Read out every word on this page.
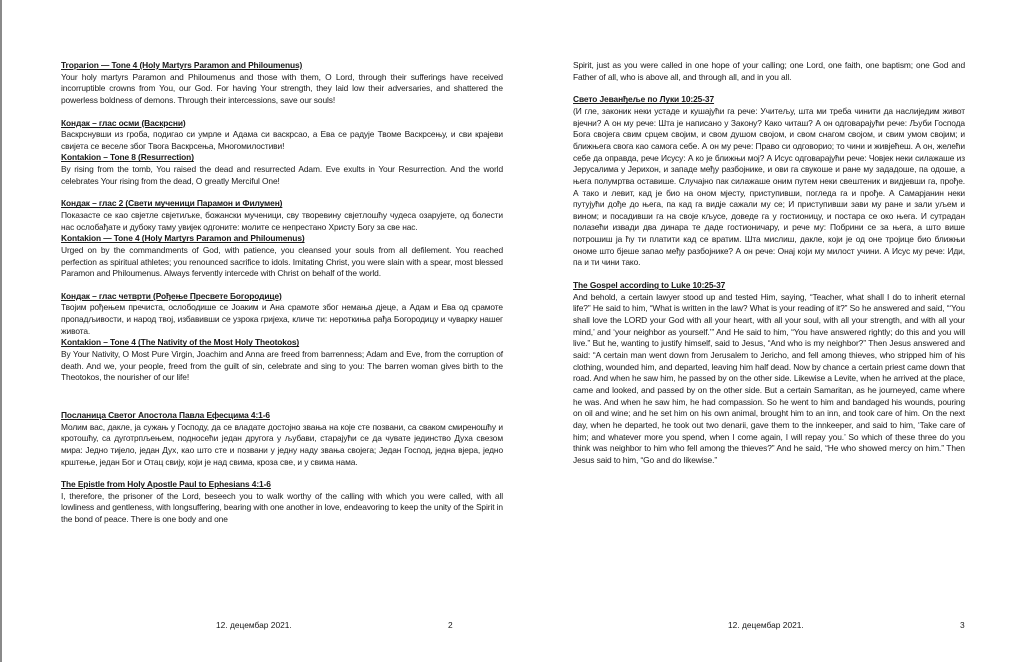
Troparion — Tone 4 (Holy Martyrs Paramon and Philoumenus)
Your holy martyrs Paramon and Philoumenus and those with them, O Lord, through their sufferings have received incorruptible crowns from You, our God. For having Your strength, they laid low their adversaries, and shattered the powerless boldness of demons. Through their intercessions, save our souls!
Кондак – глас осми (Васкрсни)
Васкрснувши из гроба, подигао си умрле и Адама си васкрсао, а Ева се радује Твоме Васкрсењу, и сви крајеви свијета се веселе због Твога Васкрсења, Многомилостиви!
Kontakion – Tone 8 (Resurrection)
By rising from the tomb, You raised the dead and resurrected Adam. Eve exults in Your Resurrection. And the world celebrates Your rising from the dead, O greatly Merciful One!
Кондак – глас 2 (Свети мученици Парамон и Филумен)
Показасте се као свјетле свјетиљке, божански мученици, сву творевину свјетлошћу чудеса озарујете, од болести нас ослобађате и дубоку таму увијек одгоните: молите се непрестано Христу Богу за све нас.
Kontakion — Tone 4 (Holy Martyrs Paramon and Philoumenus)
Urged on by the commandments of God, with patience, you cleansed your souls from all defilement. You reached perfection as spiritual athletes; you renounced sacrifice to idols. Imitating Christ, you were slain with a spear, most blessed Paramon and Philoumenus. Always fervently intercede with Christ on behalf of the world.
Кондак – глас четврти (Рођење Пресвете Богородице)
Твојим рођењем пречиста, ослободише се Јоаким и Ана срамоте због немања дјеце, а Адам и Ева од срамоте пропадљивости, и народ твој, избавивши се узрока гријеха, кличе ти: нероткиња рађа Богородицу и чуварку нашег живота.
Kontakion – Tone 4 (The Nativity of the Most Holy Theotokos)
By Your Nativity, O Most Pure Virgin, Joachim and Anna are freed from barrenness; Adam and Eve, from the corruption of death. And we, your people, freed from the guilt of sin, celebrate and sing to you: The barren woman gives birth to the Theotokos, the nourisher of our life!
Посланица Светог Апостола Павла Ефесцима 4:1-6
Молим вас, дакле, ја сужањ у Господу, да се владате достојно звања на које сте позвани, са сваком смиреношћу и кротошћу, са дуготрпљењем, подносећи један другога у љубави, старајући се да чувате јединство Духа свезом мира: Једно тијело, један Дух, као што сте и позвани у једну наду звања својега; Један Господ, једна вјера, једно крштење, један Бог и Отац свију, који је над свима, кроза све, и у свима нама.
The Epistle from Holy Apostle Paul to Ephesians 4:1-6
I, therefore, the prisoner of the Lord, beseech you to walk worthy of the calling with which you were called, with all lowliness and gentleness, with longsuffering, bearing with one another in love, endeavoring to keep the unity of the Spirit in the bond of peace. There is one body and one
12. децембар 2021.	2
Spirit, just as you were called in one hope of your calling; one Lord, one faith, one baptism; one God and Father of all, who is above all, and through all, and in you all.
Свето Јеванђеље по Луки 10:25-37
(И гле, законик неки устаде и кушајући га рече: Учитељу, шта ми треба чинити да наслиједим живот вјечни? А он му рече: Шта је написано у Закону? Како читаш? А он одговарајући рече: Љуби Господа Бога својега свим срцем својим, и свом душом својом, и свом снагом својом, и свим умом својим; и ближњега свога као самога себе. А он му рече: Право си одговорио; то чини и живјећеш. А он, желећи себе да оправда, рече Исусу: А ко је ближњи мој? А Исус одговарајући рече: Човјек неки силажаше из Јерусалима у Јерихон, и западе међу разбојнике, и ови га свукоше и ране му зададоше, па одоше, а њега полумртва оставише. Случајно пак силажаше оним путем неки свештеник и видјевши га, прође. А тако и левит, кад је био на оном мјесту, приступивши, погледа га и прође. А Самарјанин неки путујући дође до њега, па кад га видје сажали му се; И приступивши зави му ране и зали уљем и вином; и посадивши га на своје кљусе, доведе га у гостионицу, и постара се око њега. И сутрадан полазећи извади два динара те даде гостионичару, и рече му: Побрини се за њега, а што више потрошиш ја ћу ти платити кад се вратим. Шта мислиш, дакле, који је од оне тројице био ближњи ономе што бјеше запао међу разбојнике? А он рече: Онај који му милост учини. А Исус му рече: Иди, па и ти чини тако.
The Gospel according to Luke 10:25-37
And behold, a certain lawyer stood up and tested Him, saying, “Teacher, what shall I do to inherit eternal life?” He said to him, “What is written in the law? What is your reading of it?” So he answered and said, “‘You shall love the LORD your God with all your heart, with all your soul, with all your strength, and with all your mind,’ and ‘your neighbor as yourself.’” And He said to him, “You have answered rightly; do this and you will live.” But he, wanting to justify himself, said to Jesus, “And who is my neighbor?” Then Jesus answered and said: “A certain man went down from Jerusalem to Jericho, and fell among thieves, who stripped him of his clothing, wounded him, and departed, leaving him half dead. Now by chance a certain priest came down that road. And when he saw him, he passed by on the other side. Likewise a Levite, when he arrived at the place, came and looked, and passed by on the other side. But a certain Samaritan, as he journeyed, came where he was. And when he saw him, he had compassion. So he went to him and bandaged his wounds, pouring on oil and wine; and he set him on his own animal, brought him to an inn, and took care of him. On the next day, when he departed, he took out two denarii, gave them to the innkeeper, and said to him, ‘Take care of him; and whatever more you spend, when I come again, I will repay you.’ So which of these three do you think was neighbor to him who fell among the thieves?” And he said, “He who showed mercy on him.” Then Jesus said to him, “Go and do likewise.”
12. децембар 2021.	3
